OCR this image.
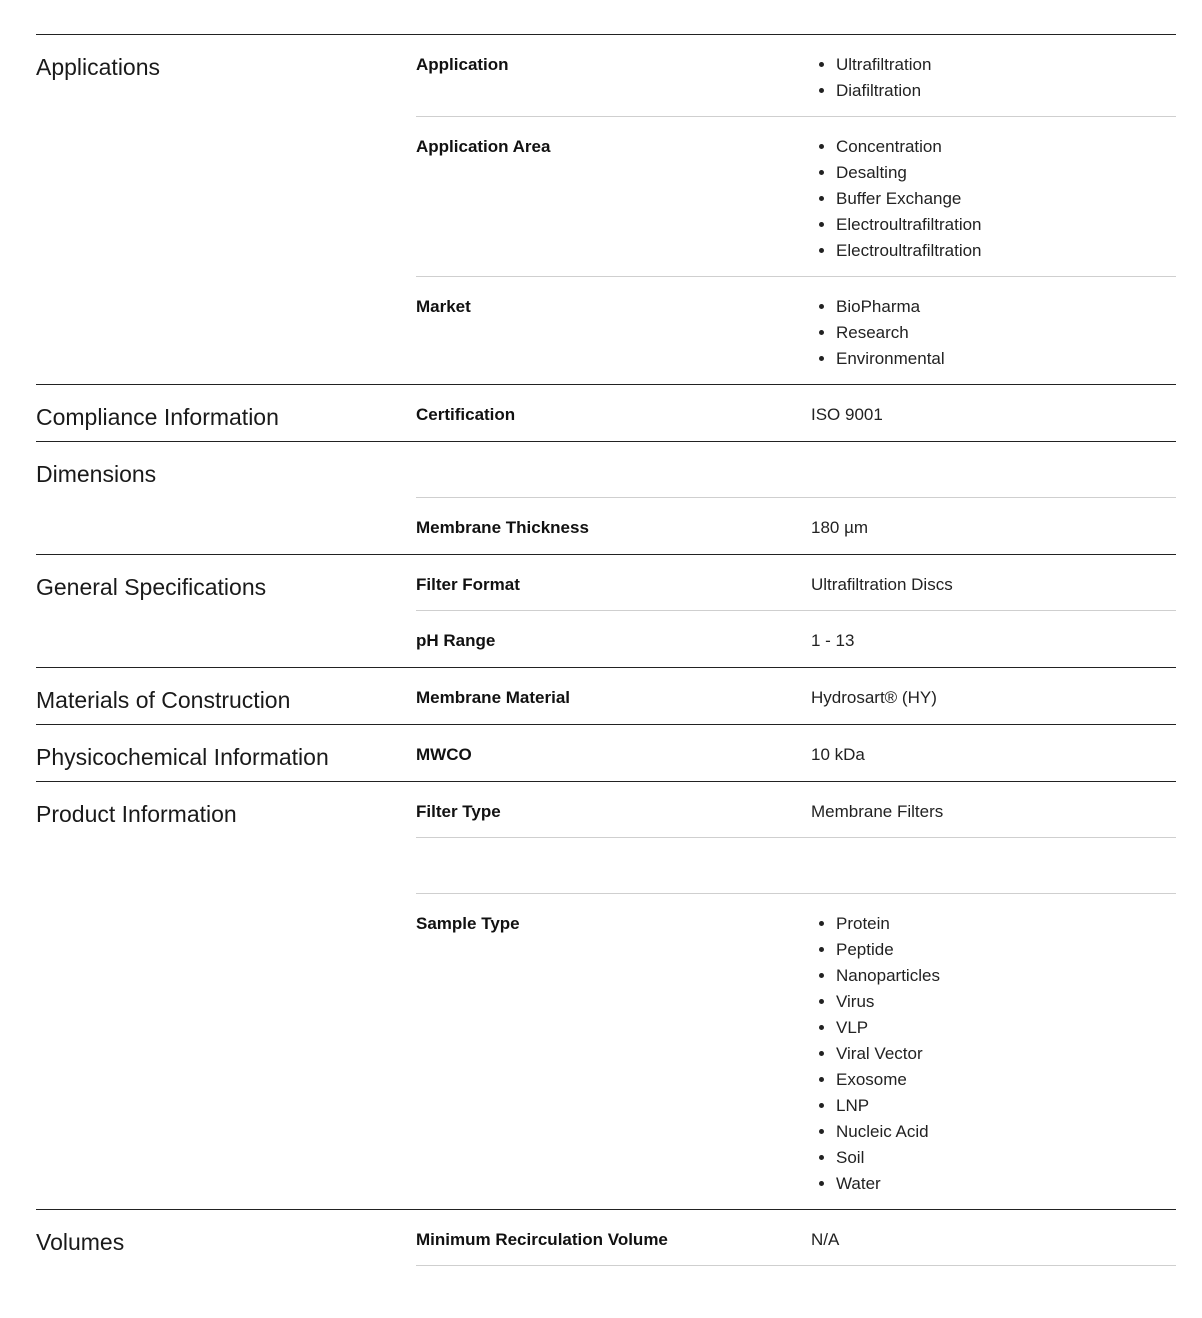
Applications	Application	• Ultrafiltration
• Diafiltration
Application Area	• Concentration
• Desalting
• Buffer Exchange
• Electroultrafiltration
• Electroultrafiltration
Market	• BioPharma
• Research
• Environmental
Compliance Information	Certification	ISO 9001
Dimensions
Membrane Thickness	180 µm
General Specifications	Filter Format	Ultrafiltration Discs
pH Range	1 - 13
Materials of Construction	Membrane Material	Hydrosart® (HY)
Physicochemical Information	MWCO	10 kDa
Product Information	Filter Type	Membrane Filters
Sample Type	• Protein
• Peptide
• Nanoparticles
• Virus
• VLP
• Viral Vector
• Exosome
• LNP
• Nucleic Acid
• Soil
• Water
Volumes	Minimum Recirculation Volume	N/A
